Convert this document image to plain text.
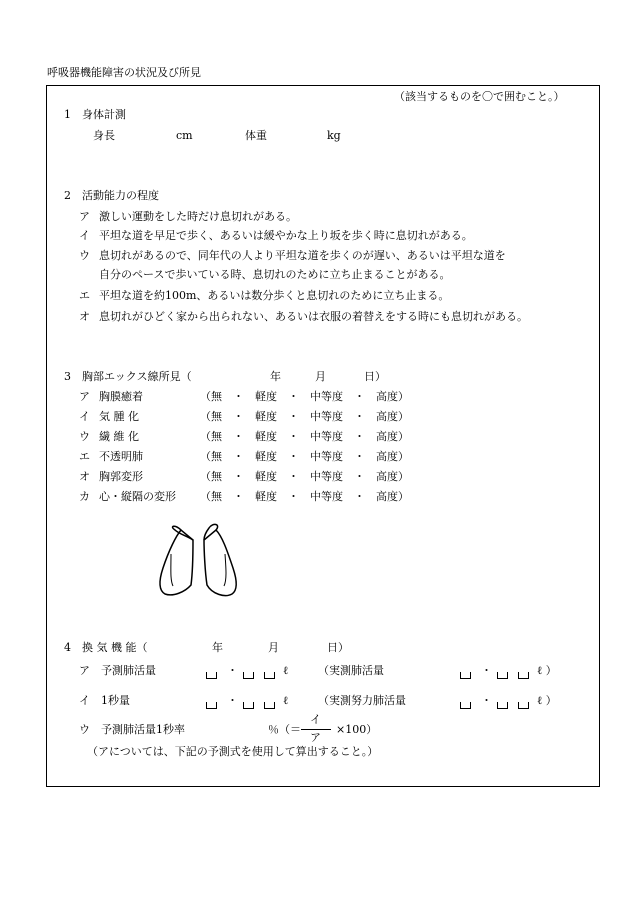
呼吸器機能障害の状況及び所見
（該当するものを〇で囲むこと。）
1　身体計測
身長	cm	体重	kg
2　活動能力の程度
ア 激しい運動をした時だけ息切れがある。
イ 平坦な道を早足で歩く、あるいは緩やかな上り坂を歩く時に息切れがある。
ウ 息切れがあるので、同年代の人より平坦な道を歩くのが遅い、あるいは平坦な道を
自分のペースで歩いている時、息切れのために立ち止まることがある。
エ 平坦な道を約100m、あるいは数分歩くと息切れのために立ち止まる。
オ 息切れがひどく家から出られない、あるいは衣服の着替えをする時にも息切れがある。
3　胸部エックス線所見（	年	月	日）
ア 胸膜癒着	（無　・　軽度　・　中等度　・　高度）
イ 気 腫 化	（無　・　軽度　・　中等度　・　高度）
ウ 繊 維 化	（無　・　軽度　・　中等度　・　高度）
エ 不透明肺	（無　・　軽度　・　中等度　・　高度）
オ 胸郭変形	（無　・　軽度　・　中等度　・　高度）
カ 心・縦隔の変形 （無　・　軽度　・　中等度　・　高度）
4　換 気 機 能（	年	月	日）
ア 予測肺活量	・	ℓ	（実測肺活量	・	ℓ ）
イ 1秒量	・	ℓ	（実測努力肺活量	・	ℓ ）
ウ 予測肺活量1秒率	％（＝
イ
ア
×100）
（アについては、下記の予測式を使用して算出すること。）
